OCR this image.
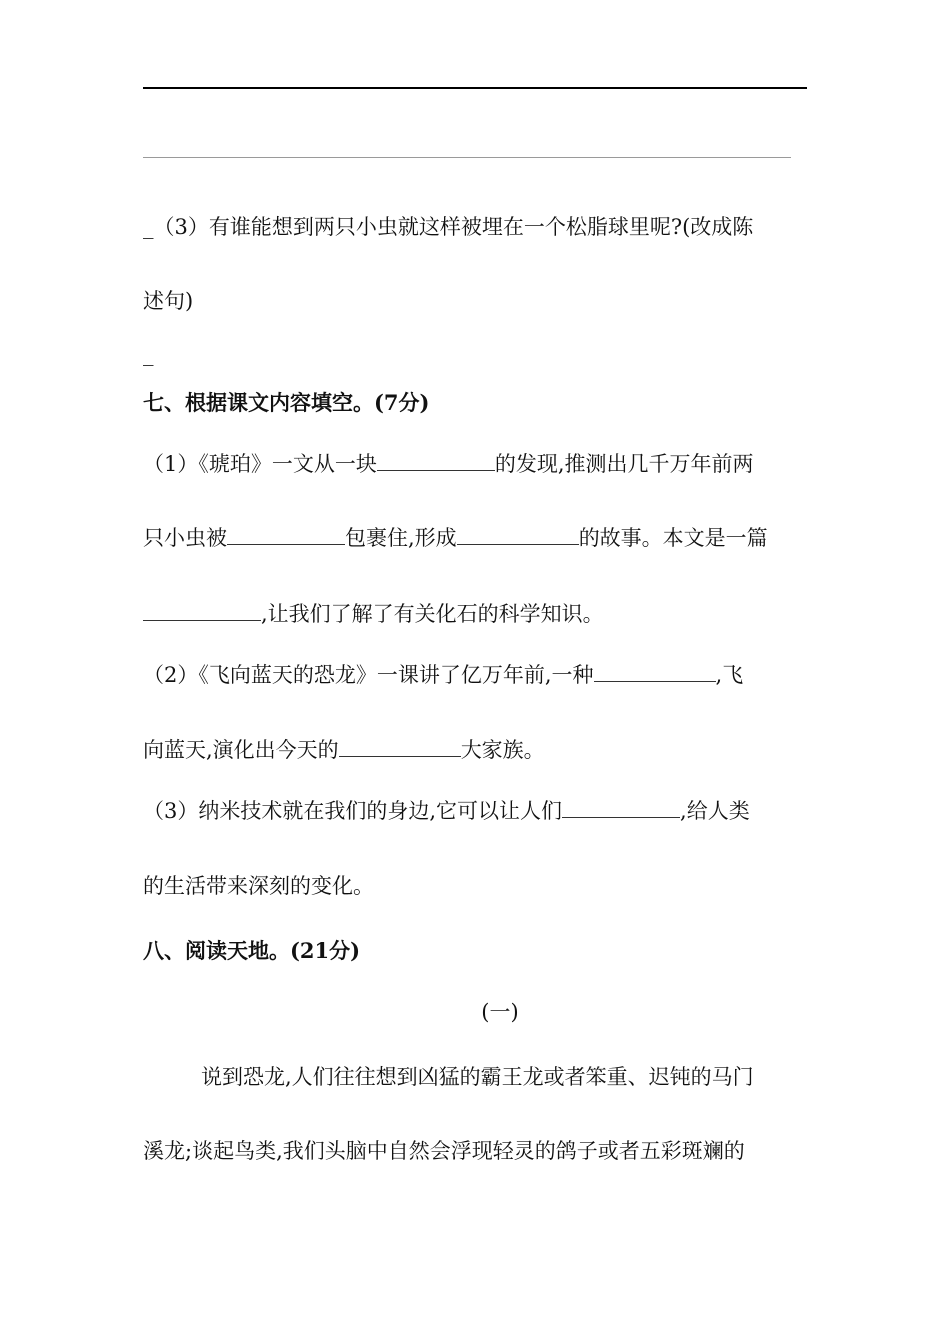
_（3）有谁能想到两只小虫就这样被埋在一个松脂球里呢?(改成陈
述句)
_
七、根据课文内容填空。(7分)
（1）《琥珀》一文从一块	的发现,推测出几千万年前两
只小虫被	包裹住,形成	的故事。本文是一篇
,让我们了解了有关化石的科学知识。
（2）《飞向蓝天的恐龙》一课讲了亿万年前,一种	,飞
向蓝天,演化出今天的	大家族。
（3）纳米技术就在我们的身边,它可以让人们	,给人类
的生活带来深刻的变化。
八、阅读天地。(21分)
(一)
说到恐龙,人们往往想到凶猛的霸王龙或者笨重、迟钝的马门
溪龙;谈起鸟类,我们头脑中自然会浮现轻灵的鸽子或者五彩斑斓的
